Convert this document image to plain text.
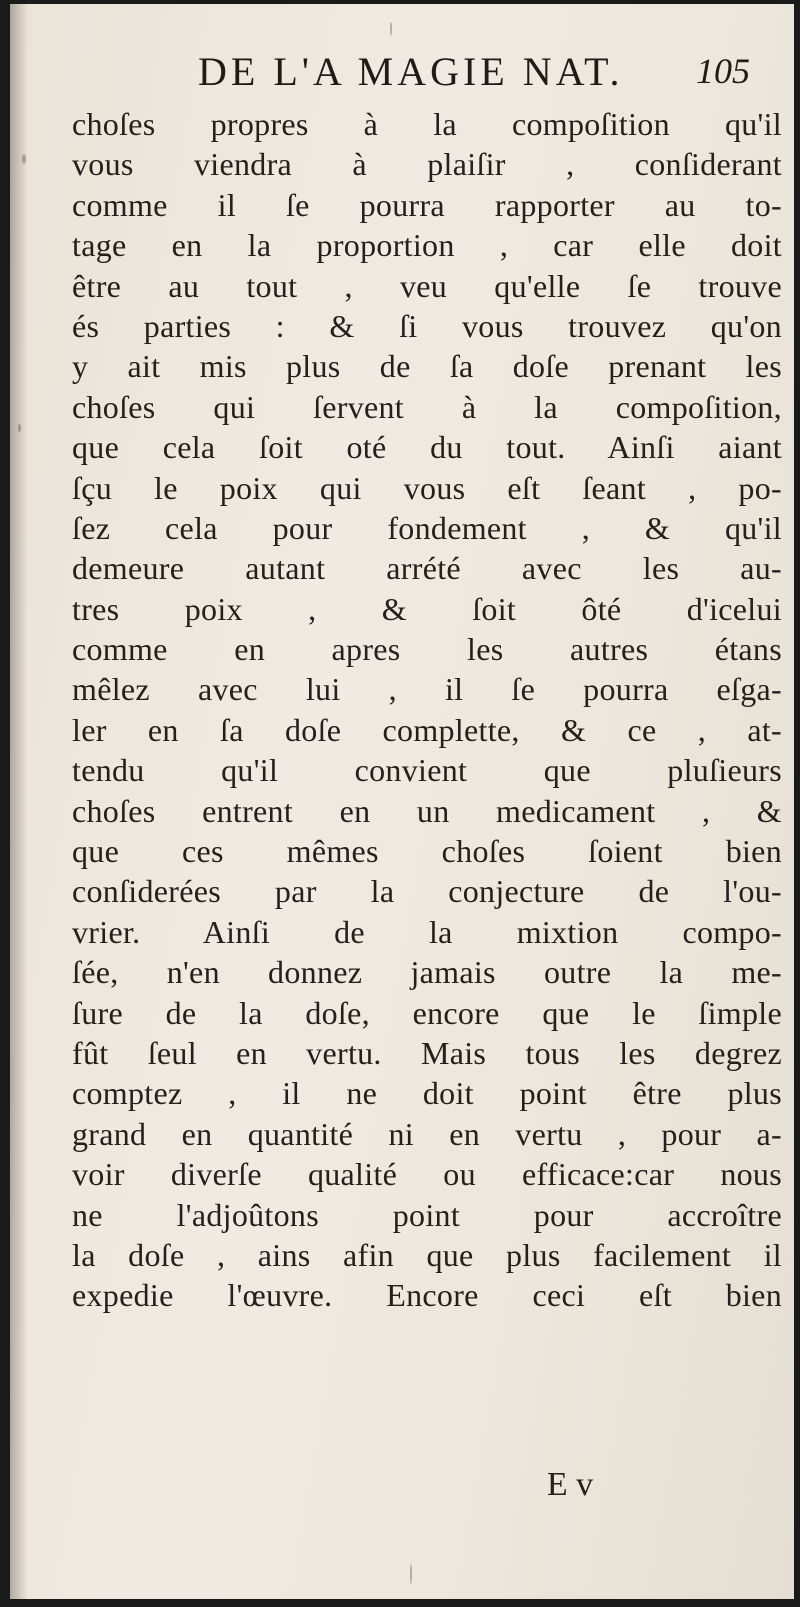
DE L'A MAGIE NAT. 105
choſes propres à la compoſition qu'il
vous viendra à plaiſir , conſiderant
comme il ſe pourra rapporter au to-
tage en la proportion , car elle doit
être au tout , veu qu'elle ſe trouve
és parties : & ſi vous trouvez qu'on
y ait mis plus de ſa doſe prenant les
choſes qui ſervent à la compoſition,
que cela ſoit oté du tout. Ainſi aiant
ſçu le poix qui vous eſt ſeant , po-
ſez cela pour fondement , & qu'il
demeure autant arrété avec les au-
tres poix , & ſoit ôté d'icelui
comme en apres les autres étans
mêlez avec lui , il ſe pourra eſga-
ler en ſa doſe complette, & ce , at-
tendu qu'il convient que pluſieurs
choſes entrent en un medicament , &
que ces mêmes choſes ſoient bien
conſiderées par la conjecture de l'ou-
vrier. Ainſi de la mixtion compo-
ſée, n'en donnez jamais outre la me-
ſure de la doſe, encore que le ſimple
fût ſeul en vertu. Mais tous les degrez
comptez , il ne doit point être plus
grand en quantité ni en vertu , pour a-
voir diverſe qualité ou efficace:car nous
ne l'adjoûtons point pour accroître
la doſe , ains afin que plus facilement il
expedie l'œuvre. Encore ceci eſt bien
E v
